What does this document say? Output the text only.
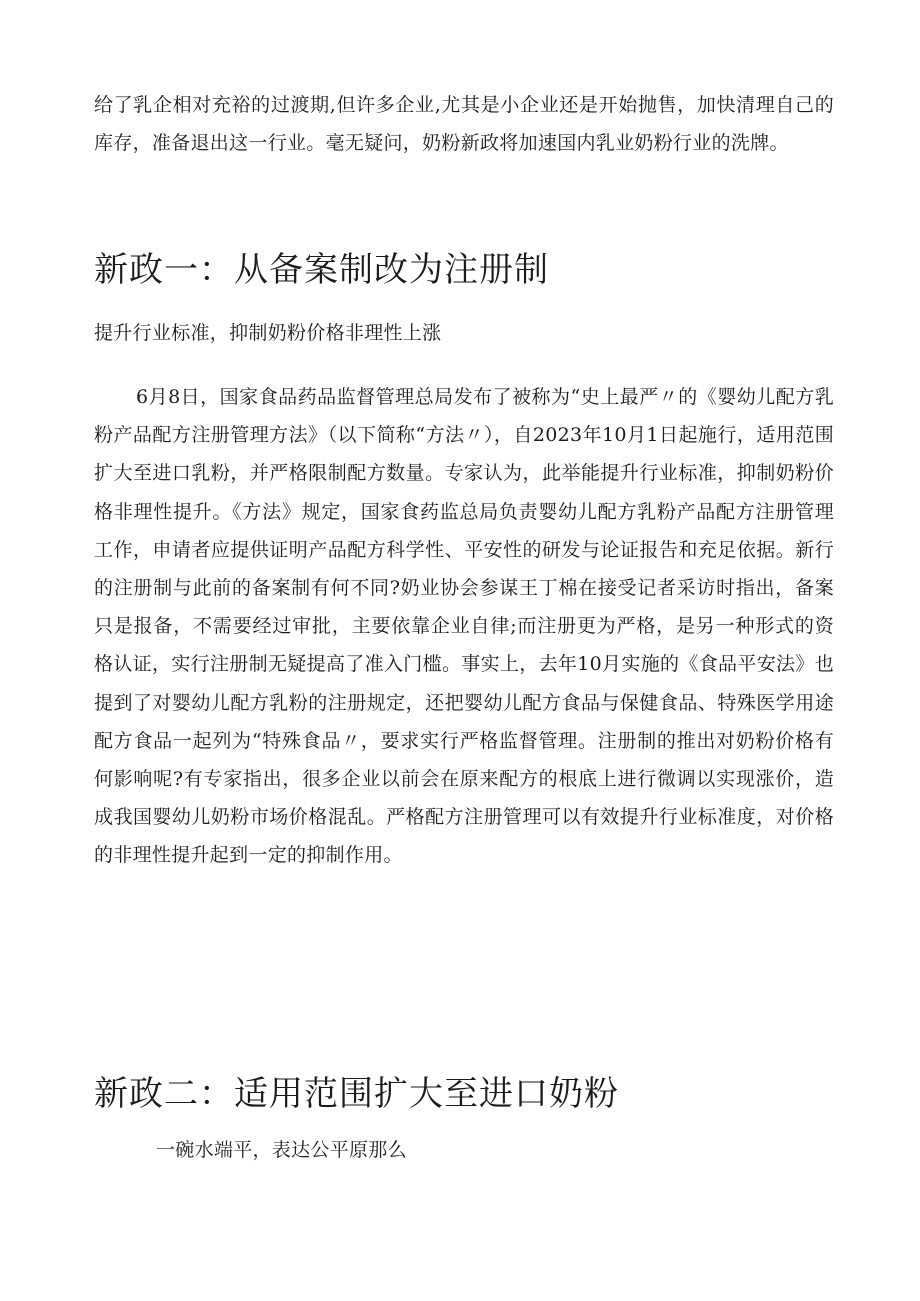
给了乳企相对充裕的过渡期,但许多企业,尤其是小企业还是开始抛售，加快清理自己的库存，准备退出这一行业。毫无疑问，奶粉新政将加速国内乳业奶粉行业的洗牌。

新政一：从备案制改为注册制

提升行业标准，抑制奶粉价格非理性上涨

6月8日，国家食品药品监督管理总局发布了被称为“史上最严〃的《婴幼儿配方乳粉产品配方注册管理方法》（以下简称“方法〃），自2023年10月1日起施行，适用范围扩大至进口乳粉，并严格限制配方数量。专家认为，此举能提升行业标准，抑制奶粉价格非理性提升。《方法》规定，国家食药监总局负责婴幼儿配方乳粉产品配方注册管理工作，申请者应提供证明产品配方科学性、平安性的研发与论证报告和充足依据。新行的注册制与此前的备案制有何不同?奶业协会参谋王丁棉在接受记者采访时指出，备案只是报备，不需要经过审批，主要依靠企业自律;而注册更为严格，是另一种形式的资格认证，实行注册制无疑提高了准入门槛。事实上，去年10月实施的《食品平安法》也提到了对婴幼儿配方乳粉的注册规定，还把婴幼儿配方食品与保健食品、特殊医学用途配方食品一起列为“特殊食品〃，要求实行严格监督管理。注册制的推出对奶粉价格有何影响呢?有专家指出，很多企业以前会在原来配方的根底上进行微调以实现涨价，造成我国婴幼儿奶粉市场价格混乱。严格配方注册管理可以有效提升行业标准度，对价格的非理性提升起到一定的抑制作用。

新政二：适用范围扩大至进口奶粉

一碗水端平，表达公平原那么
